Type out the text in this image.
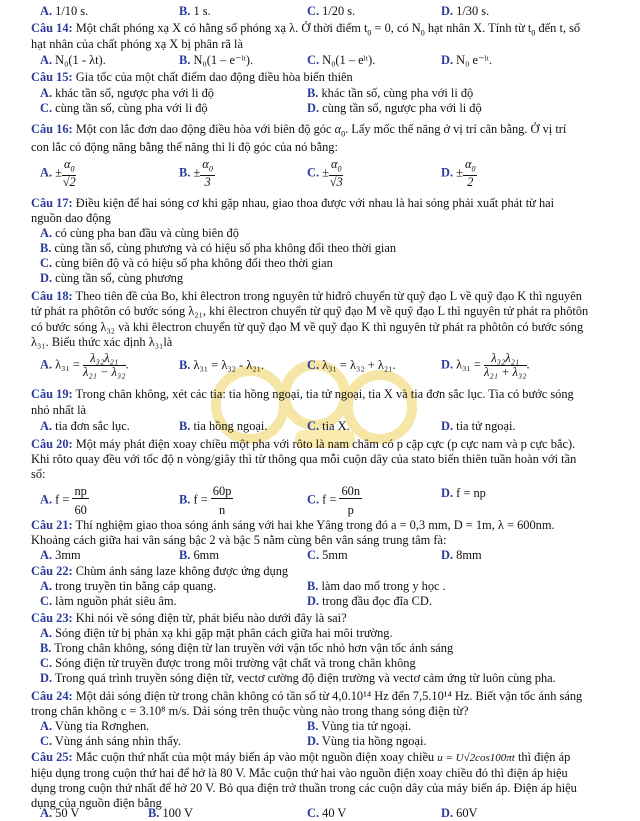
A. 1/10 s.	B. 1 s.	C. 1/20 s.	D. 1/30 s.
Câu 14: Một chất phóng xạ X có hằng số phóng xạ λ. Ở thời điểm $t_0 = 0$, có $N_0$ hạt nhân X. Tính từ $t_0$ đến t, số
hạt nhân của chất phóng xạ X bị phân rã là
A. N₀(1 - λt).	B. N₀(1 – e⁻ˡᵗ).	C. N₀(1 – eˡᵗ).	D. N₀ e⁻ˡᵗ.
Câu 15: Gia tốc của một chất điểm dao động điều hòa biến thiên
A. khác tần số, ngược pha với li độ	B. khác tần số, cùng pha với li độ
C. cùng tần số, cùng pha với li độ	D. cùng tần số, ngược pha với li độ
Câu 16: Một con lắc đơn dao động điều hòa với biên độ góc $\alpha_0$. Lấy mốc thế năng ở vị trí cân bằng. Ở vị trí
con lắc có động năng bằng thế năng thì li độ góc của nó bằng:
A. ± $\frac{\alpha_0}{√2}$	B. ± $\frac{\alpha_0}{3}$	C. ± $\frac{\alpha_0}{√3}$	D. ± $\frac{\alpha_0}{2}$
Câu 17: Điều kiện để hai sóng cơ khi gặp nhau, giao thoa được với nhau là hai sóng phải xuất phát từ hai
nguồn dao động
A. có cùng pha ban đầu và cùng biên độ
B. cùng tần số, cùng phương và có hiệu số pha không đổi theo thời gian
C. cùng biên độ và có hiệu số pha không đổi theo thời gian
D. cùng tần số, cùng phương
Câu 18: Theo tiên đề của Bo, khi êlectron trong nguyên tử hiđrô chuyển từ quỹ đạo L về quỹ đạo K thì nguyên
tử phát ra phôtôn có bước sóng λ₂₁, khi êlectron chuyển từ quỹ đạo M về quỹ đạo L thì nguyên tử phát ra phôtôn
có bước sóng λ₃₂ và khi êlectron chuyển từ quỹ đạo M về quỹ đạo K thì nguyên tử phát ra phôtôn có bước sóng
λ₃₁. Biểu thức xác định λ₃₁là
A. $\lambda_{31} = \frac{\text{λ₃₂λ₂₁}}{\text{λ₂₁ − λ₃₂}}$ .	B. λ₃₁ = λ₃₂ - λ₂₁.	C. λ₃₁ = λ₃₂ + λ₂₁.	D. $\lambda_{31} = \frac{\text{λ₃₂λ₂₁}}{\text{λ₂₁ + λ₃₂}}$ .
Câu 19: Trong chân không, xét các tia: tia hồng ngoại, tia tử ngoại, tia X và tia đơn sắc lục. Tia có bước sóng
nhỏ nhất là
A. tia đơn sắc lục.	B. tia hồng ngoại.	C. tia X.	D. tia tử ngoại.
Câu 20: Một máy phát điện xoay chiều một pha với rôto là nam châm có p cặp cực (p cực nam và p cực bắc).
Khi rôto quay đều với tốc độ n vòng/giây thì từ thông qua mỗi cuộn dây của stato biến thiên tuần hoàn với tần
số:
A. $f = \frac{np}{60}$	B. $f = \frac{60p}{n}$	C. $f = \frac{60n}{p}$	D. f = np
Câu 21: Thí nghiệm giao thoa sóng ánh sáng với hai khe Yâng trong đó a = 0,3 mm, D = 1m, λ = 600nm.
Khoảng cách giữa hai vân sáng bậc 2 và bậc 5 nằm cùng bên vân sáng trung tâm fà:
A. 3mm	B. 6mm	C. 5mm	D. 8mm
Câu 22: Chùm ánh sáng laze không được ứng dụng
A. trong truyền tin bằng cáp quang.	B. làm dao mổ trong y học .
C. làm nguồn phát siêu âm.	D. trong đầu đọc đĩa CD.
Câu 23: Khi nói về sóng điện từ, phát biểu nào dưới đây là sai?
A. Sóng điện từ bị phản xạ khi gặp mặt phân cách giữa hai môi trường.
B. Trong chân không, sóng điện từ lan truyền với vận tốc nhỏ hơn vận tốc ánh sáng
C. Sóng điện từ truyền được trong môi trường vật chất và trong chân không
D. Trong quá trình truyền sóng điện từ, vectơ cường độ điện trường và vectơ cảm ứng từ luôn cùng pha.
Câu 24: Một dải sóng điện từ trong chân không có tần số từ 4,0.10¹⁴ Hz đến 7,5.10¹⁴ Hz. Biết vận tốc ánh sáng
trong chân không c = 3.10⁸ m/s. Dải sóng trên thuộc vùng nào trong thang sóng điện từ?
A. Vùng tia Rơnghen.	B. Vùng tia tử ngoại.
C. Vùng ánh sáng nhìn thấy.	D. Vùng tia hồng ngoại.
Câu 25: Mắc cuộn thứ nhất của một máy biến áp vào một nguồn điện xoay chiều u = U√2cos100πt thì điện áp
hiệu dụng trong cuộn thứ hai để hở là 80 V. Mắc cuộn thứ hai vào nguồn điện xoay chiều đó thì điện áp hiệu
dụng trong cuộn thứ nhất để hở 20 V. Bỏ qua điện trở thuần trong các cuộn dây của máy biến áp. Điện áp hiệu
dụng của nguồn điện bằng
A. 50 V	B. 100 V	C. 40 V	D. 60V
